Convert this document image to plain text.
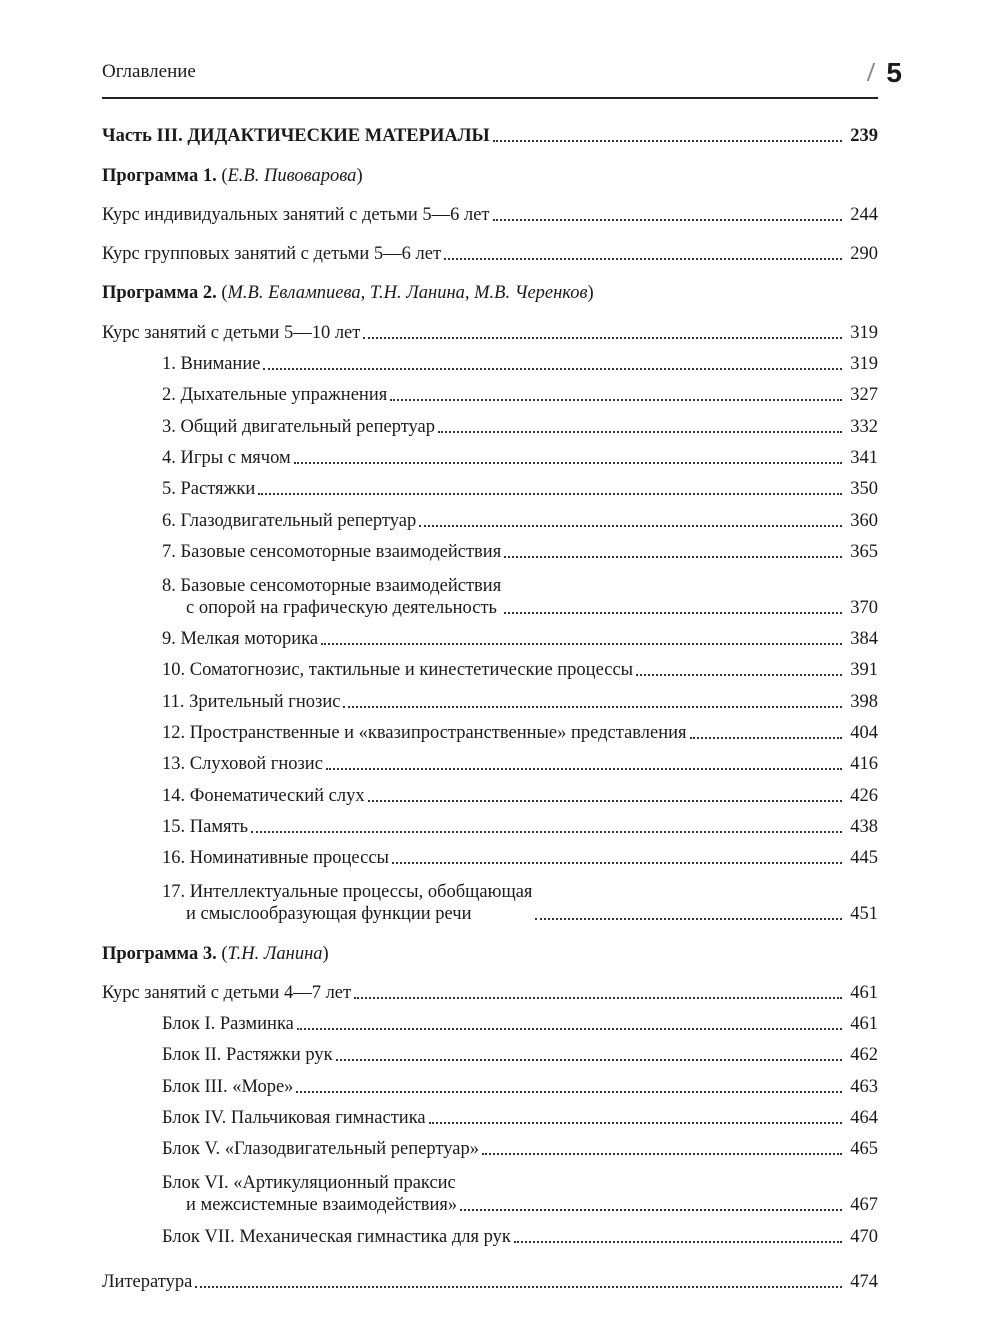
Оглавление	5
Часть III. ДИДАКТИЧЕСКИЕ МАТЕРИАЛЫ	239
Программа 1. (Е.В. Пивоварова)
Курс индивидуальных занятий с детьми 5—6 лет	244
Курс групповых занятий с детьми 5—6 лет	290
Программа 2. (М.В. Евлампиева, Т.Н. Ланина, М.В. Черенков)
Курс занятий с детьми 5—10 лет	319
1. Внимание	319
2. Дыхательные упражнения	327
3. Общий двигательный репертуар	332
4. Игры с мячом	341
5. Растяжки	350
6. Глазодвигательный репертуар	360
7. Базовые сенсомоторные взаимодействия	365
8. Базовые сенсомоторные взаимодействия
с опорой на графическую деятельность	370
9. Мелкая моторика	384
10. Соматогнозис, тактильные и кинестетические процессы	391
11. Зрительный гнозис	398
12. Пространственные и «квазипространственные» представления	404
13. Слуховой гнозис	416
14. Фонематический слух	426
15. Память	438
16. Номинативные процессы	445
17. Интеллектуальные процессы, обобщающая
и смыслообразующая функции речи	451
Программа 3. (Т.Н. Ланина)
Курс занятий с детьми 4—7 лет	461
Блок I. Разминка	461
Блок II. Растяжки рук	462
Блок III. «Море»	463
Блок IV. Пальчиковая гимнастика	464
Блок V. «Глазодвигательный репертуар»	465
Блок VI. «Артикуляционный праксис
и межсистемные взаимодействия»	467
Блок VII. Механическая гимнастика для рук	470
Литература	474
